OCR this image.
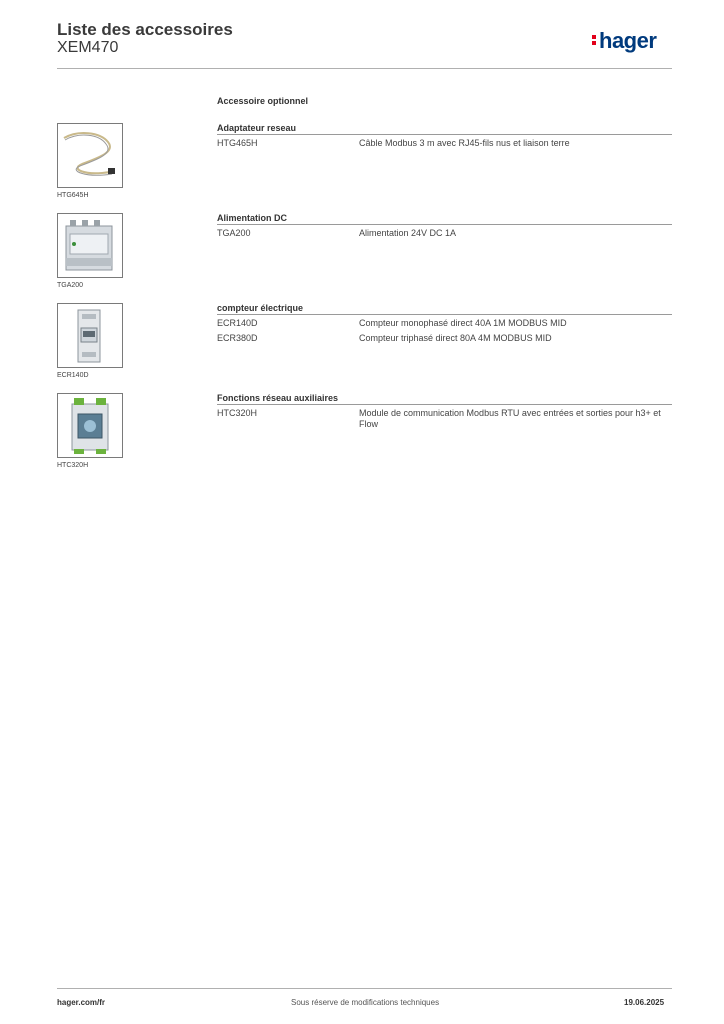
Liste des accessoires
XEM470	hager
Accessoire optionnel
HTG645H
Adaptateur reseau
HTG465H	Câble Modbus 3 m avec RJ45-fils nus et liaison terre
TGA200
Alimentation DC
TGA200	Alimentation 24V DC 1A
ECR140D
compteur électrique
ECR140D	Compteur monophasé direct 40A 1M MODBUS MID
ECR380D	Compteur triphasé direct 80A 4M MODBUS MID
HTC320H
Fonctions réseau auxiliaires
HTC320H	Module de communication Modbus RTU avec entrées et sorties pour h3+ et Flow
hager.com/fr	Sous réserve de modifications techniques	19.06.2025
